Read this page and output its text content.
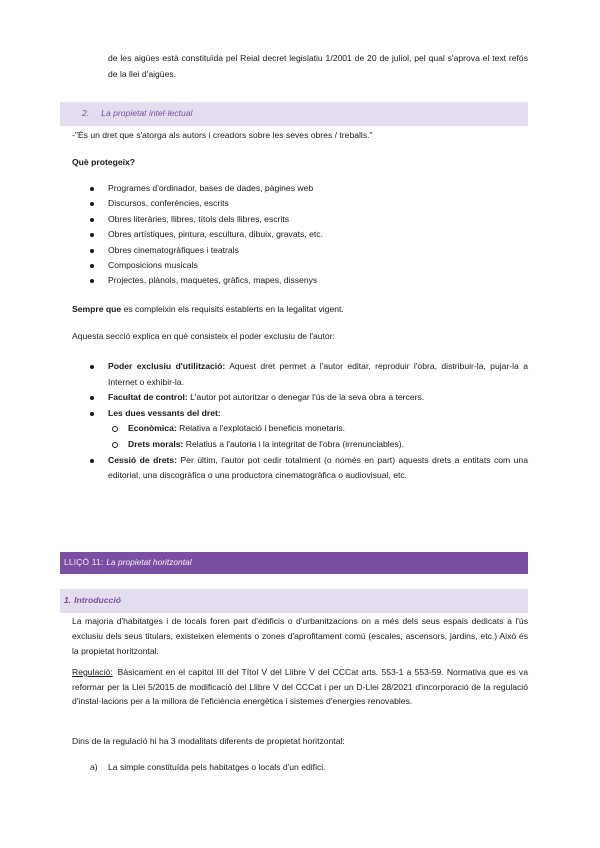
de les aigües està constituïda pel Reial decret legislatiu 1/2001 de 20 de juliol, pel qual s'aprova el text refós de la llei d'aigües.

2. La propietat intel·lectual

-"És un dret que s'atorga als autors i creadors sobre les seves obres / treballs."

Què protegeix?

Programes d'ordinador, bases de dades, pàgines web
Discursos, conferències, escrits
Obres literàries, llibres, títols dels llibres, escrits
Obres artístiques, pintura, escultura, dibuix, gravats, etc.
Obres cinematogràfiques i teatrals
Composicions musicals
Projectes, plànols, maquetes, gràfics, mapes, dissenys

Sempre que es compleixin els requisits establerts en la legalitat vigent.

Aquesta secció explica en què consisteix el poder exclusiu de l'autor:

Poder exclusiu d'utilització: Aquest dret permet a l'autor editar, reproduir l'obra, distribuir-la, pujar-la a Internet o exhibir-la.
Facultat de control: L'autor pot autoritzar o denegar l'ús de la seva obra a tercers.
Les dues vessants del dret:
Econòmica: Relativa a l'explotació i beneficis monetaris.
Drets morals: Relatius a l'autoria i la integritat de l'obra (irrenunciables).
Cessió de drets: Per últim, l'autor pot cedir totalment (o només en part) aquests drets a entitats com una editorial, una discogràfica o una productora cinematogràfica o audiovisual, etc.
LLIÇÓ 11: La propietat horitzontal
1. Introducció

La majoria d'habitatges i de locals foren part d'edificis o d'urbanitzacions on a més dels seus espais dedicats a l'ús exclusiu dels seus titulars, existeixen elements o zones d'aprofitament comú (escales, ascensors, jardins, etc.) Això és la propietat horitzontal.

Regulació: Bàsicament en el capítol III del Títol V del Llibre V del CCCat arts. 553-1 a 553-59. Normativa que es va reformar per la Llei 5/2015 de modificació del Llibre V del CCCat i per un D-Llei 28/2021 d'incorporació de la regulació d'instal·lacions per a la millora de l'eficiència energètica i sistemes d'energies renovables.

Dins de la regulació hi ha 3 modalitats diferents de propietat horitzontal:

a) La simple constituïda pels habitatges o locals d'un edifici.
